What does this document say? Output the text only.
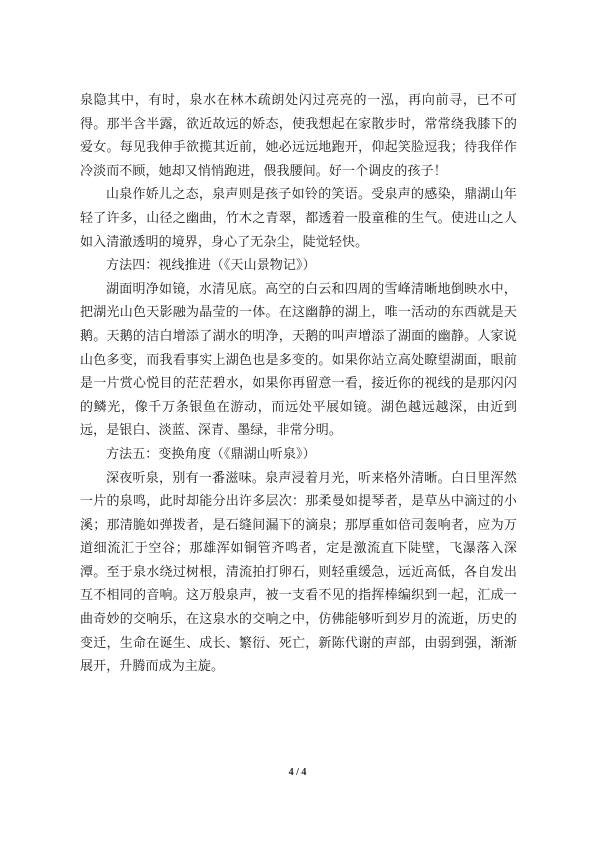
泉隐其中，有时，泉水在林木疏朗处闪过亮亮的一泓，再向前寻，已不可得。那半含半露，欲近故远的娇态，使我想起在家散步时，常常绕我膝下的爱女。每见我伸手欲揽其近前，她必远远地跑开，仰起笑脸逗我；待我佯作冷淡而不顾，她却又悄悄跑进，偎我腰间。好一个调皮的孩子！

山泉作娇儿之态，泉声则是孩子如铃的笑语。受泉声的感染，鼎湖山年轻了许多，山径之幽曲，竹木之青翠，都透着一股童稚的生气。使进山之人如入清澈透明的境界，身心了无杂尘，陡觉轻快。

方法四：视线推进（《天山景物记》）

湖面明净如镜，水清见底。高空的白云和四周的雪峰清晰地倒映水中，把湖光山色天影融为晶莹的一体。在这幽静的湖上，唯一活动的东西就是天鹅。天鹅的洁白增添了湖水的明净，天鹅的叫声增添了湖面的幽静。人家说山色多变，而我看事实上湖色也是多变的。如果你站立高处瞭望湖面，眼前是一片赏心悦目的茫茫碧水，如果你再留意一看，接近你的视线的是那闪闪的鳞光，像千万条银鱼在游动，而远处平展如镜。湖色越远越深，由近到远，是银白、淡蓝、深青、墨绿，非常分明。

方法五：变换角度（《鼎湖山听泉》）

深夜听泉，别有一番滋味。泉声浸着月光，听来格外清晰。白日里浑然一片的泉鸣，此时却能分出许多层次：那柔曼如提琴者，是草丛中滴过的小溪；那清脆如弹拨者，是石缝间漏下的滴泉；那厚重如倍司轰响者，应为万道细流汇于空谷；那雄浑如铜管齐鸣者，定是激流直下陡壁，飞瀑落入深潭。至于泉水绕过树根，清流拍打卵石，则轻重缓急，远近高低，各自发出互不相同的音响。这万般泉声，被一支看不见的指挥棒编织到一起，汇成一曲奇妙的交响乐，在这泉水的交响之中，仿佛能够听到岁月的流逝，历史的变迁，生命在诞生、成长、繁衍、死亡，新陈代谢的声部，由弱到强，渐渐展开，升腾而成为主旋。

4 / 4
